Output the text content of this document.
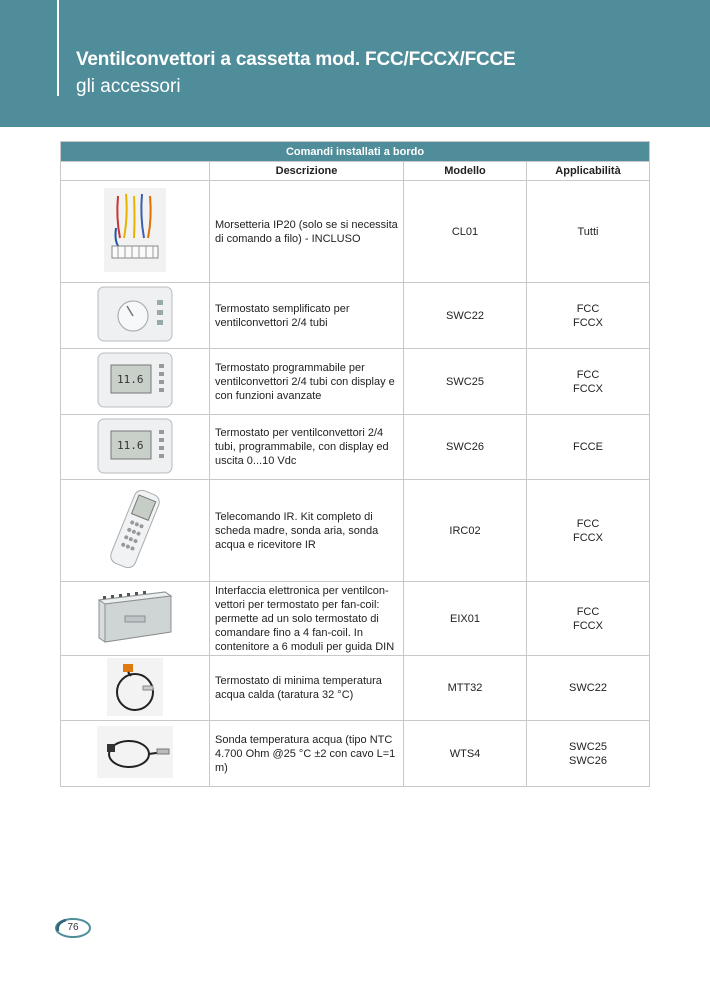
Ventilconvettori a cassetta mod. FCC/FCCX/FCCE
gli accessori
Comandi installati a bordo			
	Descrizione	Modello	Applicabilità
	Morsetteria IP20 (solo se si necessita di comando a filo) - INCLUSO	CL01	Tutti
	Termostato semplificato per ventilconvettori 2/4 tubi	SWC22	FCC
FCCX

11.6	Termostato programmabile per ventilconvettori 2/4 tubi con display e con funzioni avanzate	SWC25	FCC
FCCX

11.6	Termostato per ventilconvettori 2/4 tubi, programmabile, con display ed uscita 0...10 Vdc	SWC26	FCCE
	Telecomando IR. Kit completo di scheda madre, sonda aria, sonda acqua e ricevitore IR	IRC02	FCC
FCCX
	Interfaccia elettronica per ventilcon-vettori per termostato per fan-coil: permette ad un solo termostato di comandare fino a 4 fan-coil. In contenitore a 6 moduli per guida DIN	EIX01	FCC
FCCX
	Termostato di minima temperatura acqua calda (taratura 32 °C)	MTT32	SWC22
	Sonda temperatura acqua (tipo NTC 4.700 Ohm @25 °C ±2 con cavo L=1 m)	WTS4	SWC25
SWC26
76
